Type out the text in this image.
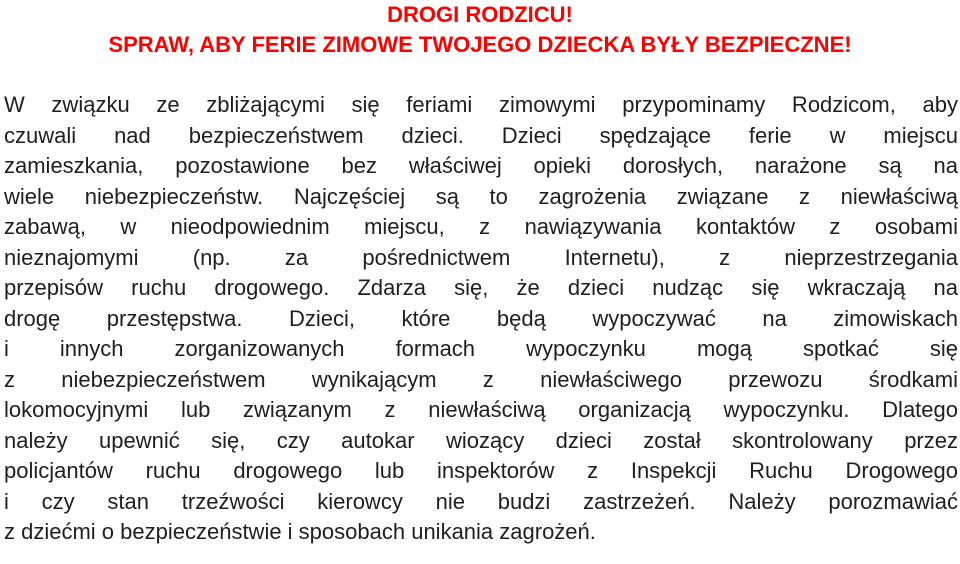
DROGI RODZICU!
SPRAW, ABY FERIE ZIMOWE TWOJEGO DZIECKA BYŁY BEZPIECZNE!
W związku ze zbliżającymi się feriami zimowymi przypominamy Rodzicom, aby
czuwali nad bezpieczeństwem dzieci. Dzieci spędzające ferie w miejscu
zamieszkania, pozostawione bez właściwej opieki dorosłych, narażone są na
wiele niebezpieczeństw. Najczęściej są to zagrożenia związane z niewłaściwą
zabawą, w nieodpowiednim miejscu, z nawiązywania kontaktów z osobami
nieznajomymi (np. za pośrednictwem Internetu), z nieprzestrzegania
przepisów ruchu drogowego. Zdarza się, że dzieci nudząc się wkraczają na
drogę przestępstwa. Dzieci, które będą wypoczywać na zimowiskach
i innych zorganizowanych formach wypoczynku mogą spotkać się
z niebezpieczeństwem wynikającym z niewłaściwego przewozu środkami
lokomocyjnymi lub związanym z niewłaściwą organizacją wypoczynku. Dlatego
należy upewnić się, czy autokar wiozący dzieci został skontrolowany przez
policjantów ruchu drogowego lub inspektorów z Inspekcji Ruchu Drogowego
i czy stan trzeźwości kierowcy nie budzi zastrzeżeń. Należy porozmawiać
z dziećmi o bezpieczeństwie i sposobach unikania zagrożeń.
